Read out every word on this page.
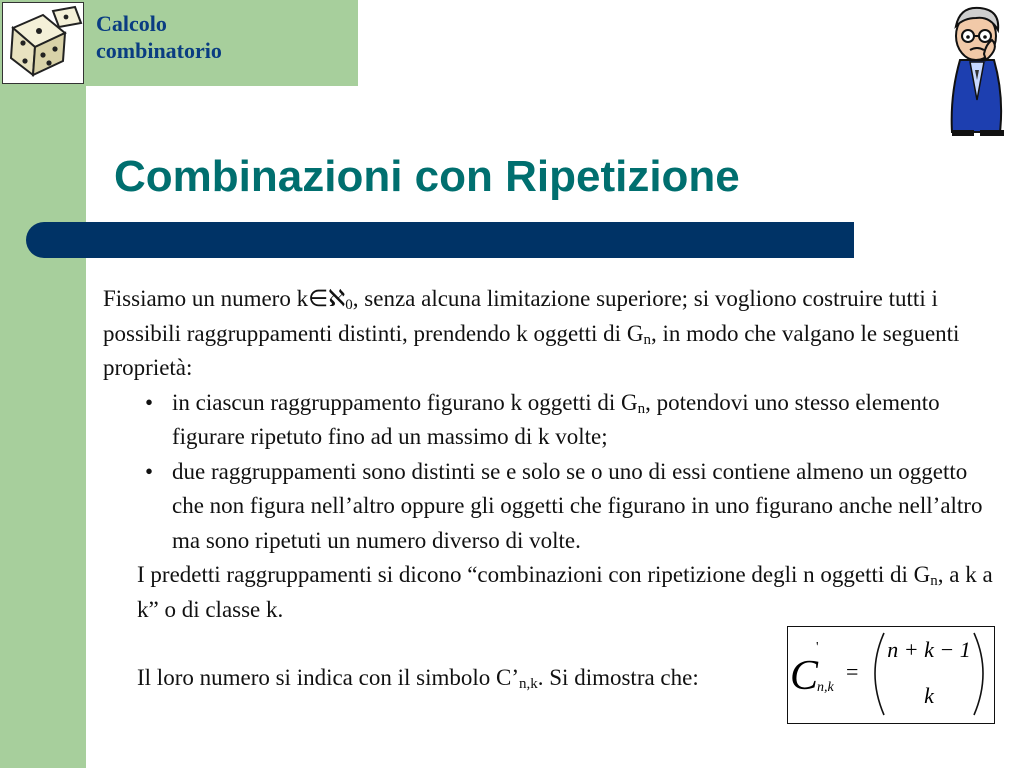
Calcolo
combinatorio
Combinazioni con Ripetizione

Fissiamo un numero k∈ℵ$_0$, senza alcuna limitazione superiore; si vogliono costruire tutti i possibili raggruppamenti distinti, prendendo k oggetti di $G_n$, in modo che valgano le seguenti proprietà:

• in ciascun raggruppamento figurano k oggetti di $G_n$, potendovi uno stesso elemento figurare ripetuto fino ad un massimo di k volte;
• due raggruppamenti sono distinti se e solo se o uno di essi contiene almeno un oggetto che non figura nell’altro oppure gli oggetti che figurano in uno figurano anche nell’altro ma sono ripetuti un numero diverso di volte.

I predetti raggruppamenti si dicono “combinazioni con ripetizione degli n oggetti di $G_n$, a k a k” o di classe k.

Il loro numero si indica con il simbolo $C’_{n,k}$. Si dimostra che:	C
'
n,k
=
n + k − 1
k
